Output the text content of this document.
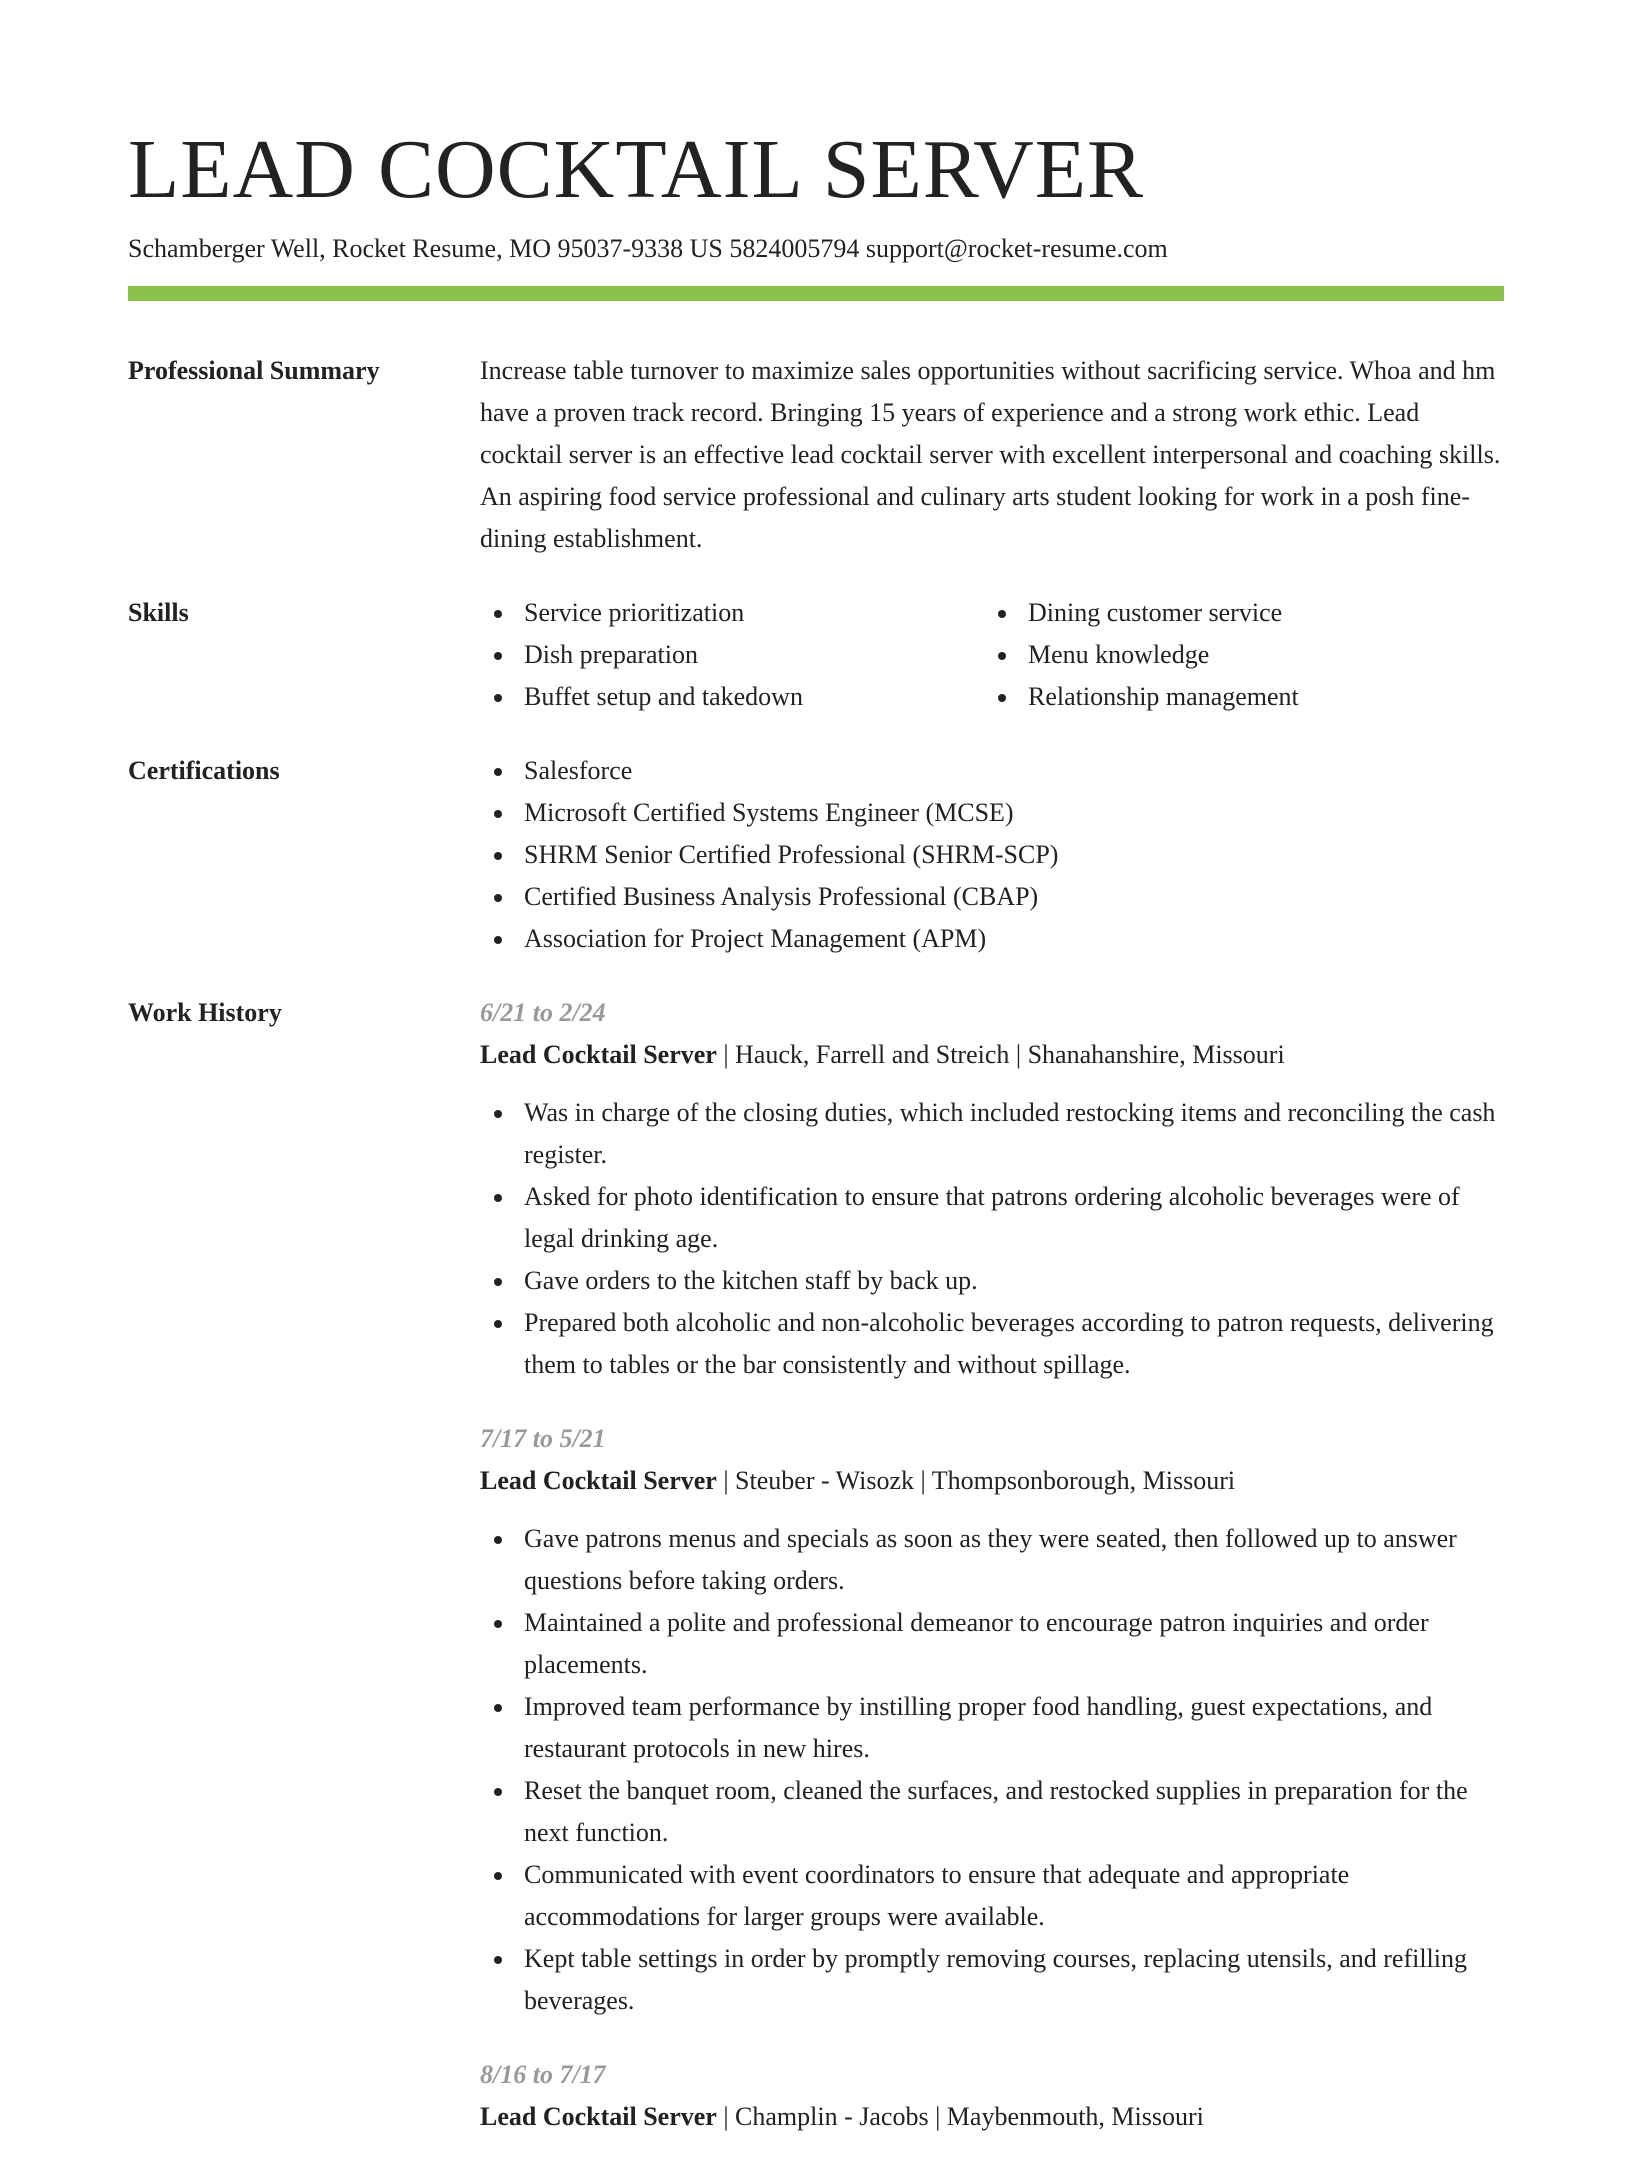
LEAD COCKTAIL SERVER
Schamberger Well, Rocket Resume, MO 95037-9338 US 5824005794 support@rocket-resume.com
Professional Summary	Increase table turnover to maximize sales opportunities without sacrificing service. Whoa and hm have a proven track record. Bringing 15 years of experience and a strong work ethic. Lead cocktail server is an effective lead cocktail server with excellent interpersonal and coaching skills. An aspiring food service professional and culinary arts student looking for work in a posh fine-dining establishment.
Skills	Service prioritization
Dish preparation
Buffet setup and takedown
Dining customer service
Menu knowledge
Relationship management
Certifications	Salesforce
Microsoft Certified Systems Engineer (MCSE)
SHRM Senior Certified Professional (SHRM-SCP)
Certified Business Analysis Professional (CBAP)
Association for Project Management (APM)
Work History	6/21 to 2/24
Lead Cocktail Server | Hauck, Farrell and Streich | Shanahanshire, Missouri
Was in charge of the closing duties, which included restocking items and reconciling the cash register.
Asked for photo identification to ensure that patrons ordering alcoholic beverages were of legal drinking age.
Gave orders to the kitchen staff by back up.
Prepared both alcoholic and non-alcoholic beverages according to patron requests, delivering them to tables or the bar consistently and without spillage.
7/17 to 5/21
Lead Cocktail Server | Steuber - Wisozk | Thompsonborough, Missouri
Gave patrons menus and specials as soon as they were seated, then followed up to answer questions before taking orders.
Maintained a polite and professional demeanor to encourage patron inquiries and order placements.
Improved team performance by instilling proper food handling, guest expectations, and restaurant protocols in new hires.
Reset the banquet room, cleaned the surfaces, and restocked supplies in preparation for the next function.
Communicated with event coordinators to ensure that adequate and appropriate accommodations for larger groups were available.
Kept table settings in order by promptly removing courses, replacing utensils, and refilling beverages.
8/16 to 7/17
Lead Cocktail Server | Champlin - Jacobs | Maybenmouth, Missouri
